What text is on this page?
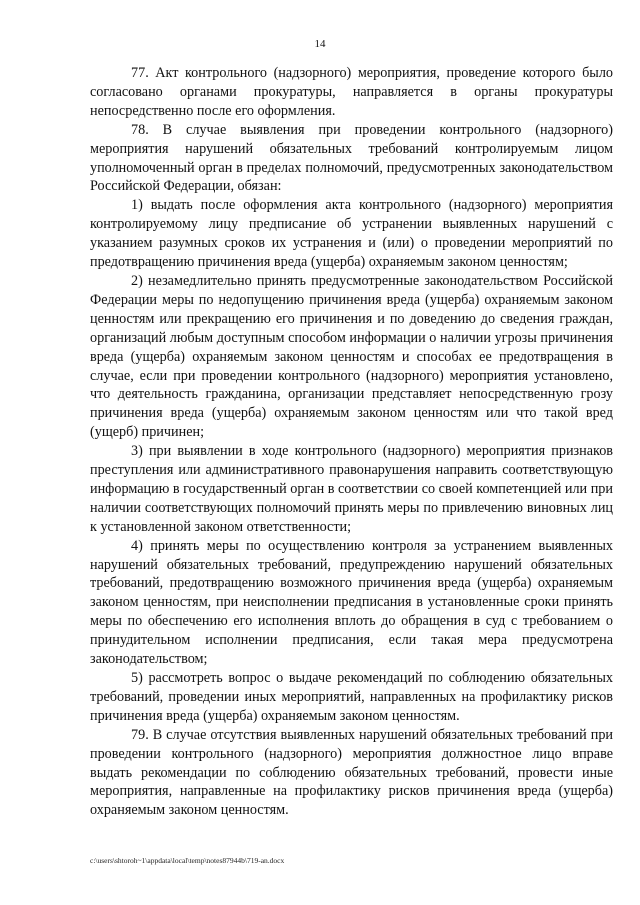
14

77. Акт контрольного (надзорного) мероприятия, проведение которого было согласовано органами прокуратуры, направляется в органы прокуратуры непосредственно после его оформления.

78. В случае выявления при проведении контрольного (надзорного) мероприятия нарушений обязательных требований контролируемым лицом уполномоченный орган в пределах полномочий, предусмотренных законодательством Российской Федерации, обязан:

1) выдать после оформления акта контрольного (надзорного) мероприятия контролируемому лицу предписание об устранении выявленных нарушений с указанием разумных сроков их устранения и (или) о проведении мероприятий по предотвращению причинения вреда (ущерба) охраняемым законом ценностям;

2) незамедлительно принять предусмотренные законодательством Российской Федерации меры по недопущению причинения вреда (ущерба) охраняемым законом ценностям или прекращению его причинения и по доведению до сведения граждан, организаций любым доступным способом информации о наличии угрозы причинения вреда (ущерба) охраняемым законом ценностям и способах ее предотвращения в случае, если при проведении контрольного (надзорного) мероприятия установлено, что деятельность гражданина, организации представляет непосредственную грозу причинения вреда (ущерба) охраняемым законом ценностям или что такой вред (ущерб) причинен;

3) при выявлении в ходе контрольного (надзорного) мероприятия признаков преступления или административного правонарушения направить соответствующую информацию в государственный орган в соответствии со своей компетенцией или при наличии соответствующих полномочий принять меры по привлечению виновных лиц к установленной законом ответственности;

4) принять меры по осуществлению контроля за устранением выявленных нарушений обязательных требований, предупреждению нарушений обязательных требований, предотвращению возможного причинения вреда (ущерба) охраняемым законом ценностям, при неисполнении предписания в установленные сроки принять меры по обеспечению его исполнения вплоть до обращения в суд с требованием о принудительном исполнении предписания, если такая мера предусмотрена законодательством;

5) рассмотреть вопрос о выдаче рекомендаций по соблюдению обязательных требований, проведении иных мероприятий, направленных на профилактику рисков причинения вреда (ущерба) охраняемым законом ценностям.

79. В случае отсутствия выявленных нарушений обязательных требований при проведении контрольного (надзорного) мероприятия должностное лицо вправе выдать рекомендации по соблюдению обязательных требований, провести иные мероприятия, направленные на профилактику рисков причинения вреда (ущерба) охраняемым законом ценностям.

c:\users\shtoroh~1\appdata\local\temp\notes87944b\719-an.docx
